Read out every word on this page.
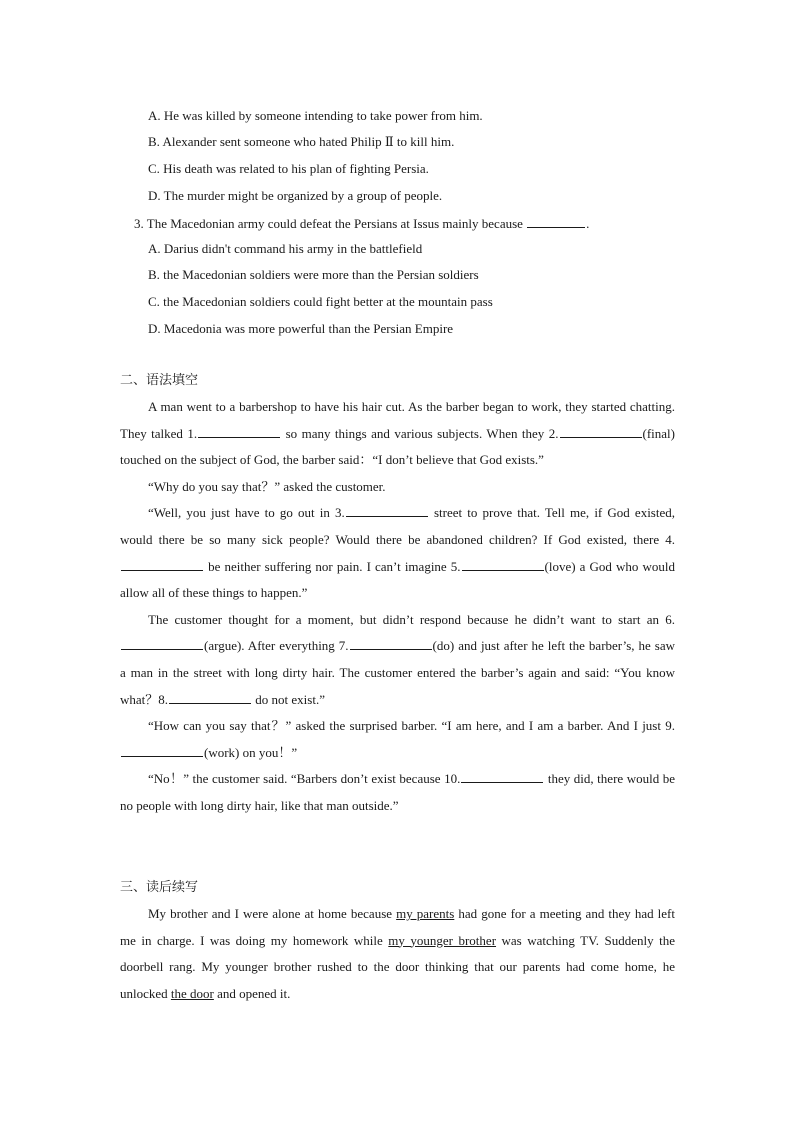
A. He was killed by someone intending to take power from him.
B. Alexander sent someone who hated Philip Ⅱ to kill him.
C. His death was related to his plan of fighting Persia.
D. The murder might be organized by a group of people.
3. The Macedonian army could defeat the Persians at Issus mainly because	.
A. Darius didn't command his army in the battlefield
B. the Macedonian soldiers were more than the Persian soldiers
C. the Macedonian soldiers could fight better at the mountain pass
D. Macedonia was more powerful than the Persian Empire
二、语法填空

A man went to a barbershop to have his hair cut. As the barber began to work, they started chatting. They talked 1.	so many things and various subjects. When they 2.	(final) touched on the subject of God, the barber said：“I don’t believe that God exists.”

“Why do you say that？” asked the customer.

“Well, you just have to go out in 3.	street to prove that. Tell me, if God existed, would there be so many sick people? Would there be abandoned children? If God existed, there 4. be neither suffering nor pain. I can’t imagine 5.	(love) a God who would allow all of these things to happen.”

The customer thought for a moment, but didn’t respond because he didn’t want to start an 6.(argue). After everything 7.	(do) and just after he left the barber’s, he saw a man in the street with long dirty hair. The customer entered the barber’s again and said: “You know what？8.	do not exist.”

“How can you say that？” asked the surprised barber. “I am here, and I am a barber. And I just 9.(work) on you！”

“No！” the customer said. “Barbers don’t exist because 10.	they did, there would be no people with long dirty hair, like that man outside.”

三、读后续写

My brother and I were alone at home because my parents had gone for a meeting and they had left me in charge. I was doing my homework while my younger brother was watching TV. Suddenly the doorbell rang. My younger brother rushed to the door thinking that our parents had come home, he unlocked the door and opened it.
